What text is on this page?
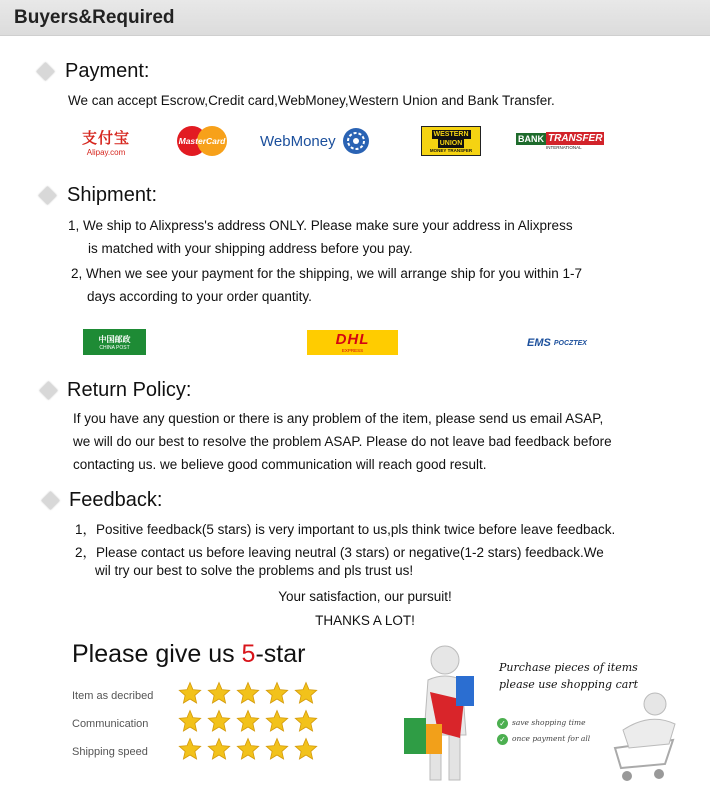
Buyers&Required
Payment:
We can accept Escrow,Credit card,WebMoney,Western Union and Bank Transfer.
支付宝
Alipay.com
MasterCard WebMoney	WESTERN
UNION
MONEY TRANSFER
BANK TRANSFER
INTERNATIONAL
Shipment:
1, We ship to Alixpress's address ONLY. Please make sure your address in Alixpress
is matched with your shipping address before you pay.
2, When we see your payment for the shipping, we will arrange ship for you within 1-7
days according to your order quantity.
中国邮政
CHINA POST	DHL
EXPRESS
EMS POCZTEX
Return Policy:
If you have any question or there is any problem of the item, please send us email ASAP,
we will do our best to resolve the problem ASAP. Please do not leave bad feedback before
contacting us. we believe good communication will reach good result.
Feedback:
1，Positive feedback(5 stars) is very important to us,pls think twice before leave feedback.
2，Please contact us before leaving neutral (3 stars) or negative(1-2 stars) feedback.We
wil try our best to solve the problems and pls trust us!
Your satisfaction, our pursuit!
THANKS A LOT!
Please give us 5-star
Item as decribed
Communication
Shipping speed
Purchase pieces of items
please use shopping cart
✓ save shopping time
✓ once payment for all
